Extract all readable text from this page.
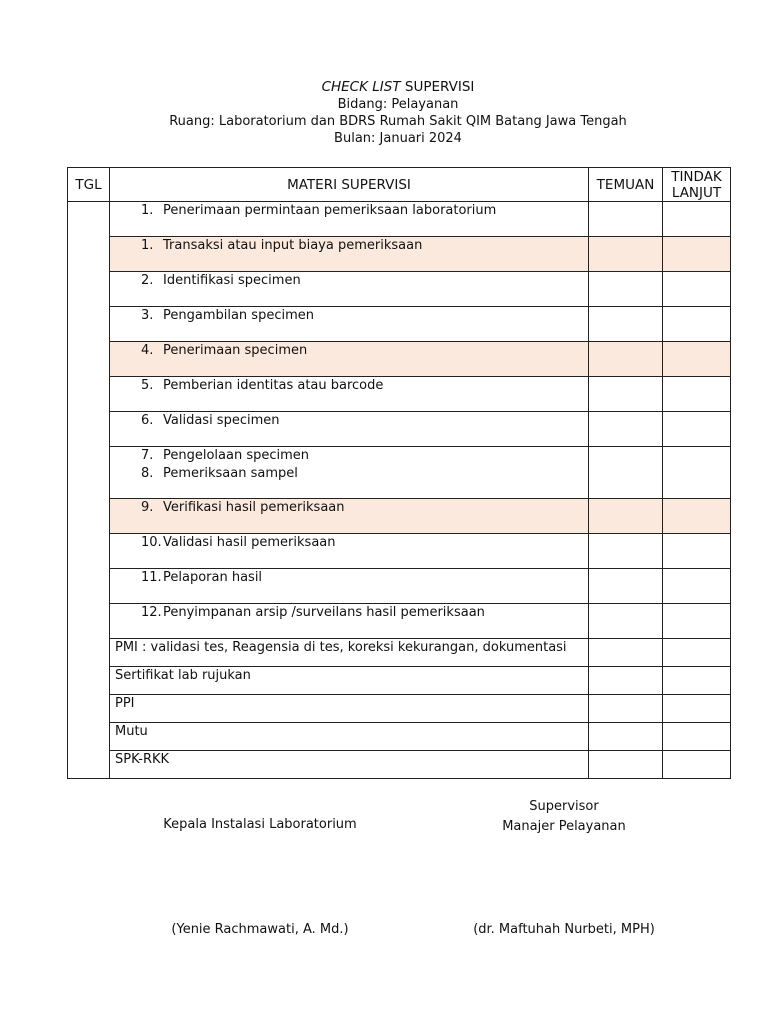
CHECK LIST SUPERVISI
Bidang: Pelayanan
Ruang: Laboratorium dan BDRS Rumah Sakit QIM Batang Jawa Tengah
Bulan: Januari 2024
TGL	MATERI SUPERVISI	TEMUAN	TINDAK LANJUT

	1. Penerimaan permintaan pemeriksaan laboratorium		

	1. Transaksi atau input biaya pemeriksaan		

	2. Identifikasi specimen		

	3. Pengambilan specimen		

	4. Penerimaan specimen		

	5. Pemberian identitas atau barcode		

	6. Validasi specimen		

	7. Pengelolaan specimen
8. Pemeriksaan sampel		

	9. Verifikasi hasil pemeriksaan		

	10. Validasi hasil pemeriksaan		

	11. Pelaporan hasil		

	12. Penyimpanan arsip /surveilans hasil pemeriksaan		

	PMI : validasi tes, Reagensia di tes, koreksi kekurangan, dokumentasi		

	Sertifikat lab rujukan		

	PPI		

	Mutu		

	SPK-RKK		

Kepala Instalasi Laboratorium
(Yenie Rachmawati, A. Md.)
Supervisor
Manajer Pelayanan
(dr. Maftuhah Nurbeti, MPH)
